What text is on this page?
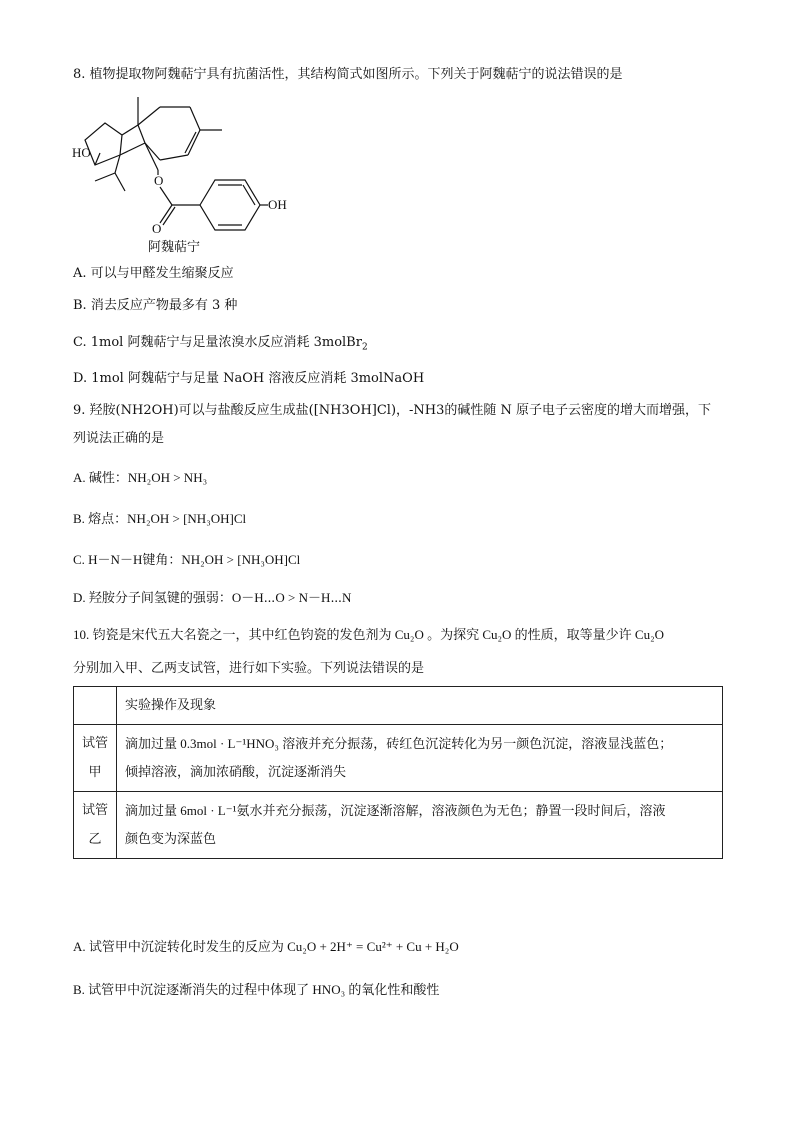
8. 植物提取物阿魏萜宁具有抗菌活性，其结构简式如图所示。下列关于阿魏萜宁的说法错误的是
HO
O
O
OH
阿魏萜宁
A. 可以与甲醛发生缩聚反应
B. 消去反应产物最多有 3 种
C. 1mol 阿魏萜宁与足量浓溴水反应消耗 3molBr$_2$
D. 1mol 阿魏萜宁与足量 NaOH 溶液反应消耗 3molNaOH
9. 羟胺(NH2OH)可以与盐酸反应生成盐([NH3OH]Cl)，-NH3的碱性随 N 原子电子云密度的增大而增强，下
列说法正确的是
A. 碱性：NH₂OH > NH₃
B. 熔点：NH₂OH > [NH₃OH]Cl
C. H－N－H键角：NH₂OH > [NH₃OH]Cl
D. 羟胺分子间氢键的强弱：O－H⋯O > N－H⋯N
10. 钧瓷是宋代五大名瓷之一，其中红色钧瓷的发色剂为 Cu₂O 。为探究 Cu₂O 的性质，取等量少许 Cu₂O
分别加入甲、乙两支试管，进行如下实验。下列说法错误的是
	实验操作及现象
试管甲	滴加过量 0.3mol · L⁻¹HNO₃ 溶液并充分振荡，砖红色沉淀转化为另一颜色沉淀，溶液显浅蓝色；
倾掉溶液，滴加浓硝酸，沉淀逐渐消失

试管乙	滴加过量 6mol · L⁻¹氨水并充分振荡，沉淀逐渐溶解，溶液颜色为无色；静置一段时间后，溶液
颜色变为深蓝色
A. 试管甲中沉淀转化时发生的反应为 Cu₂O + 2H⁺ = Cu²⁺ + Cu + H₂O
B. 试管甲中沉淀逐渐消失的过程中体现了 HNO₃ 的氧化性和酸性
